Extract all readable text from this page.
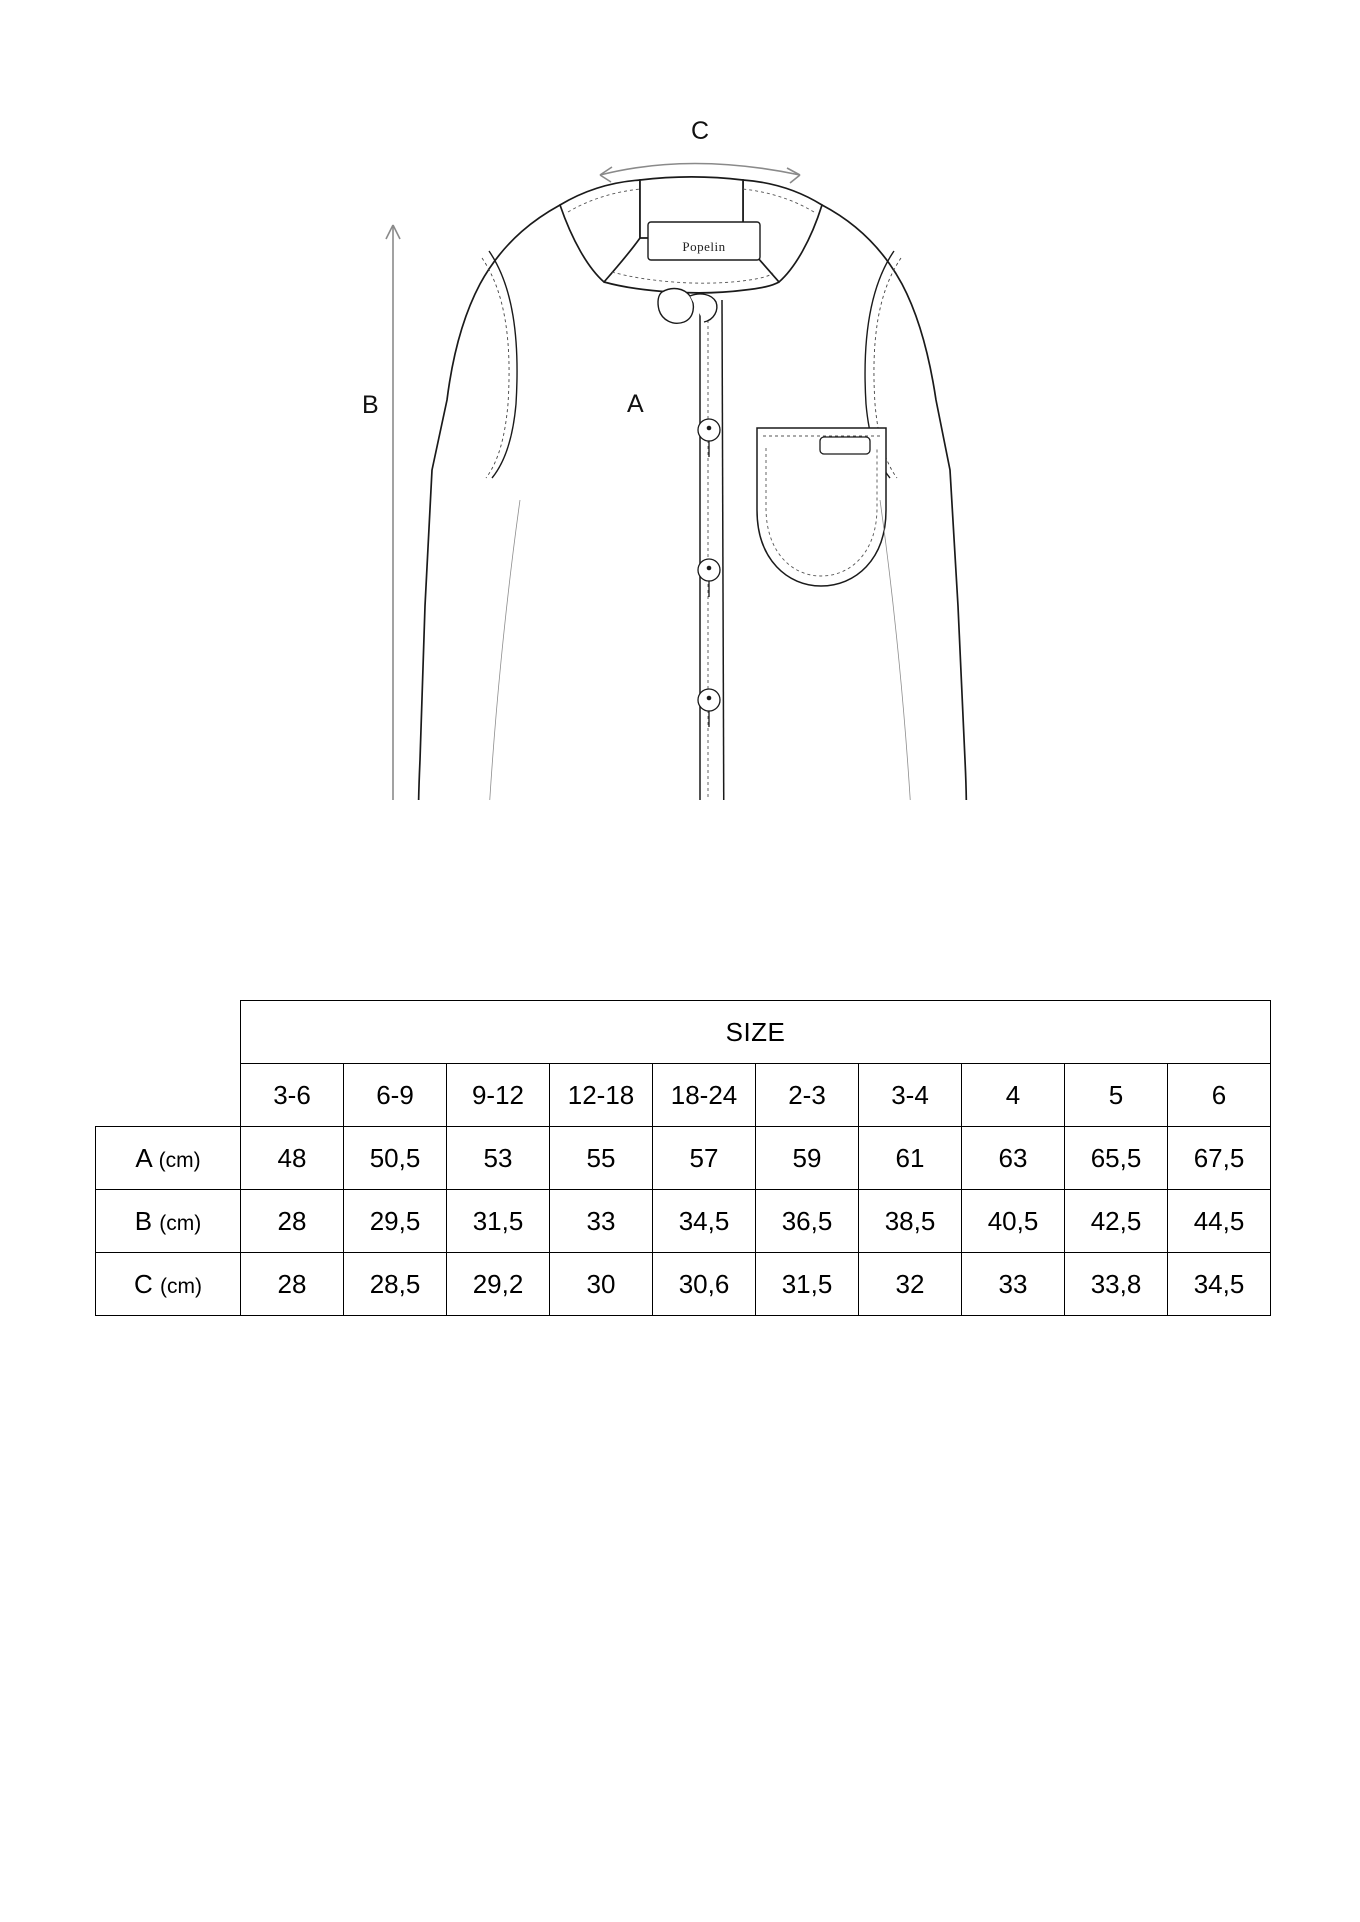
A
B
C
Popelin
	SIZE									
	3-6	6-9	9-12	12-18	18-24	2-3	3-4	4	5	6
A (cm)	48	50,5	53	55	57	59	61	63	65,5	67,5
B (cm)	28	29,5	31,5	33	34,5	36,5	38,5	40,5	42,5	44,5
C (cm)	28	28,5	29,2	30	30,6	31,5	32	33	33,8	34,5
